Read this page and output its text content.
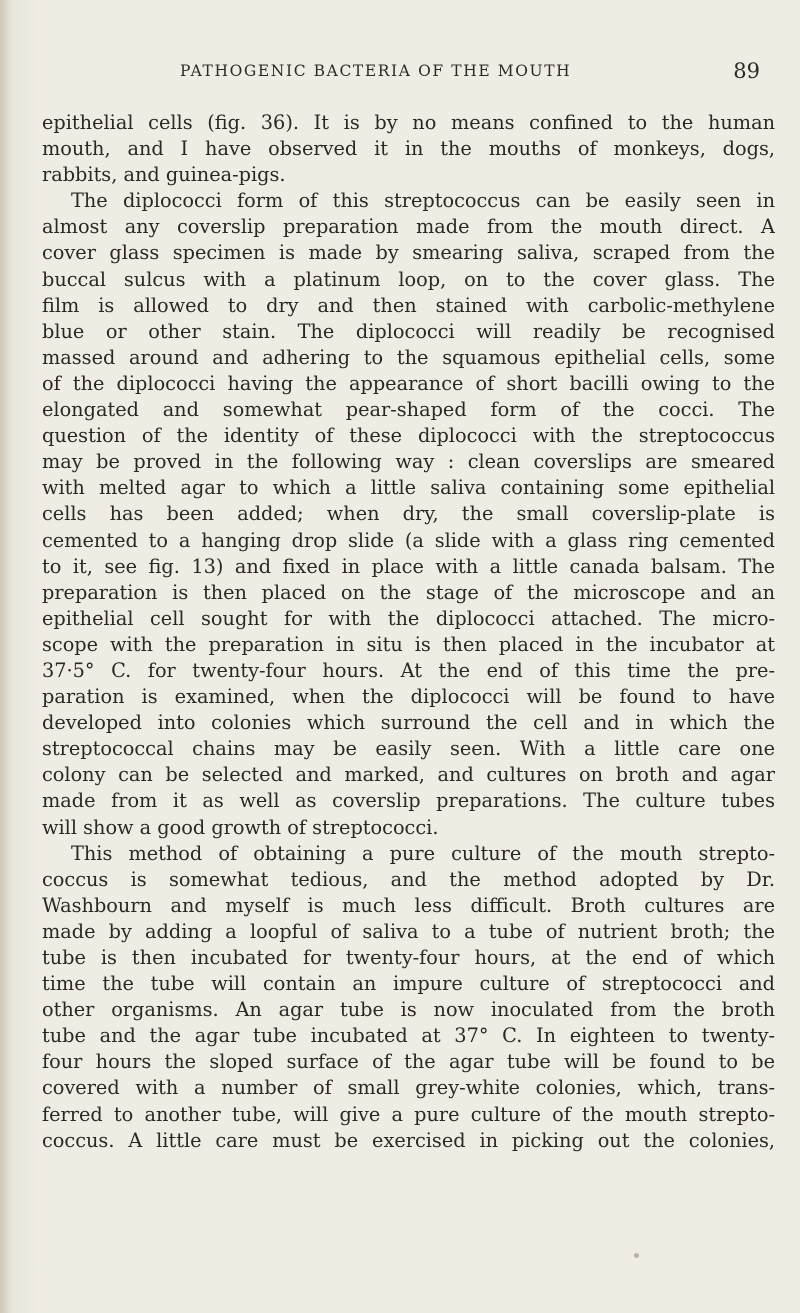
PATHOGENIC BACTERIA OF THE MOUTH	89
epithelial cells (fig. 36). It is by no means confined to the human
mouth, and I have observed it in the mouths of monkeys, dogs,
rabbits, and guinea-pigs.
The diplococci form of this streptococcus can be easily seen in
almost any coverslip preparation made from the mouth direct. A
cover glass specimen is made by smearing saliva, scraped from the
buccal sulcus with a platinum loop, on to the cover glass. The
film is allowed to dry and then stained with carbolic-methylene
blue or other stain. The diplococci will readily be recognised
massed around and adhering to the squamous epithelial cells, some
of the diplococci having the appearance of short bacilli owing to the
elongated and somewhat pear-shaped form of the cocci. The
question of the identity of these diplococci with the streptococcus
may be proved in the following way : clean coverslips are smeared
with melted agar to which a little saliva containing some epithelial
cells has been added; when dry, the small coverslip-plate is
cemented to a hanging drop slide (a slide with a glass ring cemented
to it, see fig. 13) and fixed in place with a little canada balsam. The
preparation is then placed on the stage of the microscope and an
epithelial cell sought for with the diplococci attached. The micro-
scope with the preparation in situ is then placed in the incubator at
37·5° C. for twenty-four hours. At the end of this time the pre-
paration is examined, when the diplococci will be found to have
developed into colonies which surround the cell and in which the
streptococcal chains may be easily seen. With a little care one
colony can be selected and marked, and cultures on broth and agar
made from it as well as coverslip preparations. The culture tubes
will show a good growth of streptococci.
This method of obtaining a pure culture of the mouth strepto-
coccus is somewhat tedious, and the method adopted by Dr.
Washbourn and myself is much less difficult. Broth cultures are
made by adding a loopful of saliva to a tube of nutrient broth; the
tube is then incubated for twenty-four hours, at the end of which
time the tube will contain an impure culture of streptococci and
other organisms. An agar tube is now inoculated from the broth
tube and the agar tube incubated at 37° C. In eighteen to twenty-
four hours the sloped surface of the agar tube will be found to be
covered with a number of small grey-white colonies, which, trans-
ferred to another tube, will give a pure culture of the mouth strepto-
coccus. A little care must be exercised in picking out the colonies,
